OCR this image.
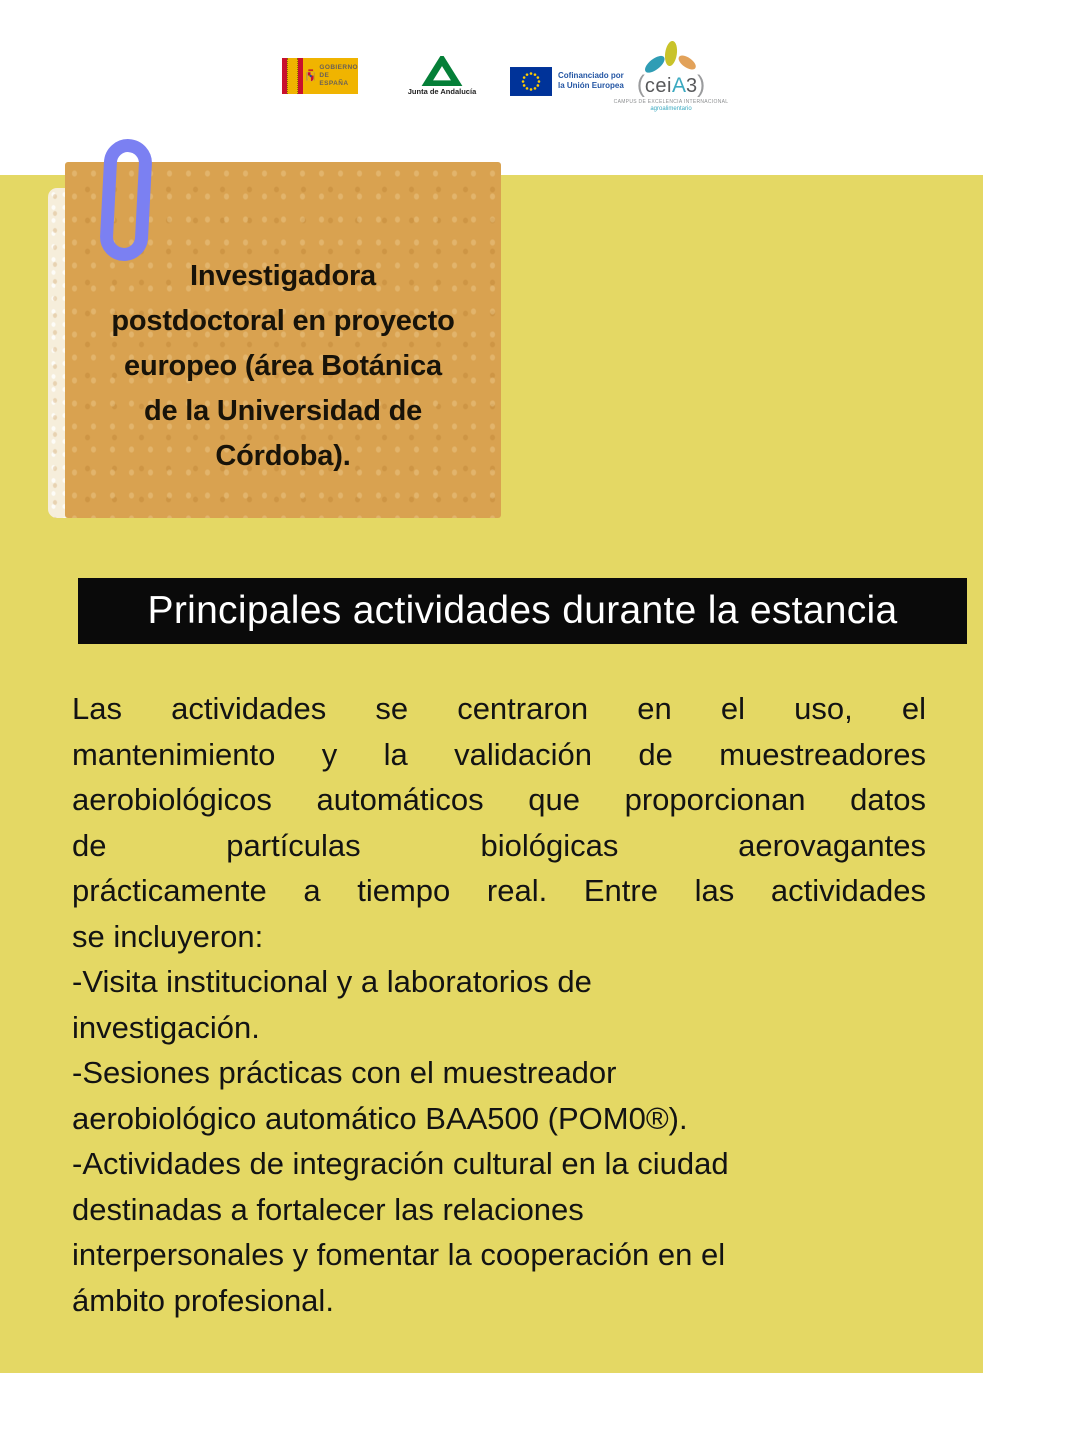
GOBIERNO
DE ESPAÑA
Junta de Andalucía
Cofinanciado por
la Unión Europea ( cei A 3 )
CAMPUS DE EXCELENCIA INTERNACIONAL
agroalimentario
Investigadora
postdoctoral en proyecto
europeo (área Botánica
de la Universidad de
Córdoba).
Principales actividades durante la estancia
Las actividades se centraron en el uso, el
mantenimiento y la validación de muestreadores
aerobiológicos automáticos que proporcionan datos
de partículas biológicas aerovagantes
prácticamente a tiempo real. Entre las actividades
se incluyeron:
-Visita institucional y a laboratorios de
investigación.
-Sesiones prácticas con el muestreador
aerobiológico automático BAA500 (POM0®).
-Actividades de integración cultural en la ciudad
destinadas a fortalecer las relaciones
interpersonales y fomentar la cooperación en el
ámbito profesional.
